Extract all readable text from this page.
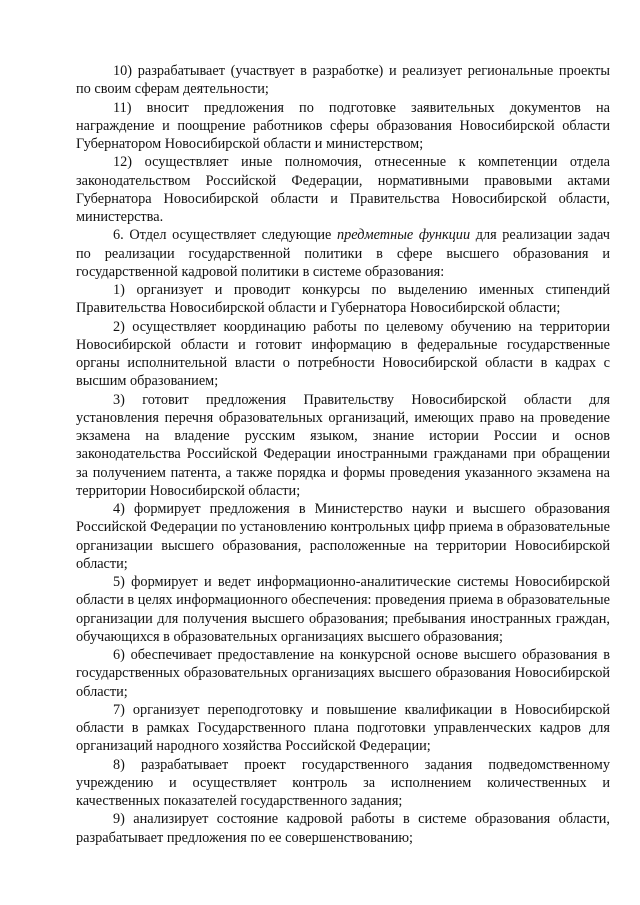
10) разрабатывает (участвует в разработке) и реализует региональные проекты по своим сферам деятельности;

11) вносит предложения по подготовке заявительных документов на награждение и поощрение работников сферы образования Новосибирской области Губернатором Новосибирской области и министерством;

12) осуществляет иные полномочия, отнесенные к компетенции отдела законодательством Российской Федерации, нормативными правовыми актами Губернатора Новосибирской области и Правительства Новосибирской области, министерства.

6. Отдел осуществляет следующие предметные функции для реализации задач по реализации государственной политики в сфере высшего образования и государственной кадровой политики в системе образования:

1) организует и проводит конкурсы по выделению именных стипендий Правительства Новосибирской области и Губернатора Новосибирской области;

2) осуществляет координацию работы по целевому обучению на территории Новосибирской области и готовит информацию в федеральные государственные органы исполнительной власти о потребности Новосибирской области в кадрах с высшим образованием;

3) готовит предложения Правительству Новосибирской области для установления перечня образовательных организаций, имеющих право на проведение экзамена на владение русским языком, знание истории России и основ законодательства Российской Федерации иностранными гражданами при обращении за получением патента, а также порядка и формы проведения указанного экзамена на территории Новосибирской области;

4) формирует предложения в Министерство науки и высшего образования Российской Федерации по установлению контрольных цифр приема в образовательные организации высшего образования, расположенные на территории Новосибирской области;

5) формирует и ведет информационно-аналитические системы Новосибирской области в целях информационного обеспечения: проведения приема в образовательные организации для получения высшего образования; пребывания иностранных граждан, обучающихся в образовательных организациях высшего образования;

6) обеспечивает предоставление на конкурсной основе высшего образования в государственных образовательных организациях высшего образования Новосибирской области;

7) организует переподготовку и повышение квалификации в Новосибирской области в рамках Государственного плана подготовки управленческих кадров для организаций народного хозяйства Российской Федерации;

8) разрабатывает проект государственного задания подведомственному учреждению и осуществляет контроль за исполнением количественных и качественных показателей государственного задания;

9) анализирует состояние кадровой работы в системе образования области, разрабатывает предложения по ее совершенствованию;
